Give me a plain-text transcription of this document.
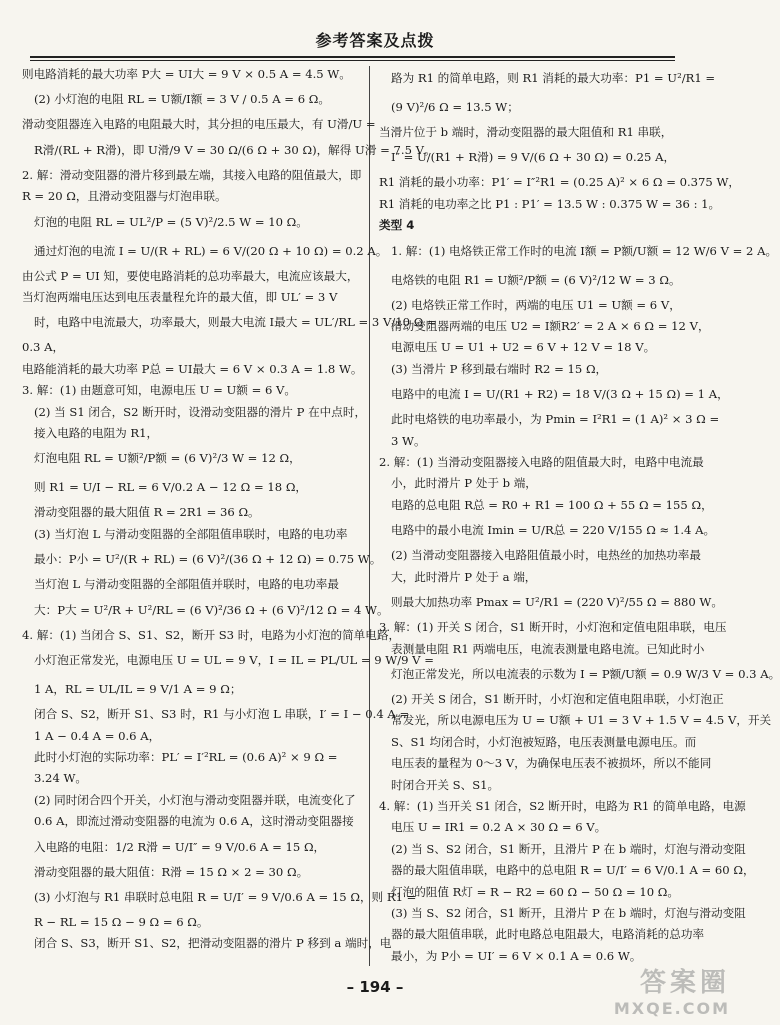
参考答案及点拨
则电路消耗的最大功率 P大 = UI大 = 9 V × 0.5 A = 4.5 W。
(2) 小灯泡的电阻 RL = U额/I额 = 3 V / 0.5 A = 6 Ω。
滑动变阻器连入电路的电阻最大时，其分担的电压最大，有 U滑/U =
R滑/(RL + R滑)，即 U滑/9 V = 30 Ω/(6 Ω + 30 Ω)，解得 U滑 = 7.5 V。
2. 解：滑动变阻器的滑片移到最左端，其接入电路的阻值最大，即
R = 20 Ω，且滑动变阻器与灯泡串联。
灯泡的电阻 RL = UL²/P = (5 V)²/2.5 W = 10 Ω。
通过灯泡的电流 I = U/(R + RL) = 6 V/(20 Ω + 10 Ω) = 0.2 A。
由公式 P = UI 知，要使电路消耗的总功率最大，电流应该最大，
当灯泡两端电压达到电压表量程允许的最大值，即 UL′ = 3 V
时，电路中电流最大，功率最大，则最大电流 I最大 = UL′/RL = 3 V/10 Ω =
0.3 A，
电路能消耗的最大功率 P总 = UI最大 = 6 V × 0.3 A = 1.8 W。
3. 解：(1) 由题意可知，电源电压 U = U额 = 6 V。
(2) 当 S1 闭合，S2 断开时，设滑动变阻器的滑片 P 在中点时，
接入电路的电阻为 R1，
灯泡电阻 RL = U额²/P额 = (6 V)²/3 W = 12 Ω，
则 R1 = U/I − RL = 6 V/0.2 A − 12 Ω = 18 Ω，
滑动变阻器的最大阻值 R = 2R1 = 36 Ω。
(3) 当灯泡 L 与滑动变阻器的全部阻值串联时，电路的电功率
最小：P小 = U²/(R + RL) = (6 V)²/(36 Ω + 12 Ω) = 0.75 W。
当灯泡 L 与滑动变阻器的全部阻值并联时，电路的电功率最
大：P大 = U²/R + U²/RL = (6 V)²/36 Ω + (6 V)²/12 Ω = 4 W。
4. 解：(1) 当闭合 S、S1、S2，断开 S3 时，电路为小灯泡的简单电路，
小灯泡正常发光，电源电压 U = UL = 9 V，I = IL = PL/UL = 9 W/9 V =
1 A，RL = UL/IL = 9 V/1 A = 9 Ω；
闭合 S、S2，断开 S1、S3 时，R1 与小灯泡 L 串联，I′ = I − 0.4 A =
1 A − 0.4 A = 0.6 A，
此时小灯泡的实际功率：PL′ = I′²RL = (0.6 A)² × 9 Ω =
3.24 W。
(2) 同时闭合四个开关，小灯泡与滑动变阻器并联，电流变化了
0.6 A，即流过滑动变阻器的电流为 0.6 A，这时滑动变阻器接
入电路的电阻：1/2 R滑 = U/I″ = 9 V/0.6 A = 15 Ω，
滑动变阻器的最大阻值：R滑 = 15 Ω × 2 = 30 Ω。
(3) 小灯泡与 R1 串联时总电阻 R = U/I′ = 9 V/0.6 A = 15 Ω，则 R1 =
R − RL = 15 Ω − 9 Ω = 6 Ω。
闭合 S、S3，断开 S1、S2，把滑动变阻器的滑片 P 移到 a 端时，电
路为 R1 的简单电路，则 R1 消耗的最大功率：P1 = U²/R1 =
(9 V)²/6 Ω = 13.5 W；
当滑片位于 b 端时，滑动变阻器的最大阻值和 R1 串联，
I″ = U/(R1 + R滑) = 9 V/(6 Ω + 30 Ω) = 0.25 A，
R1 消耗的最小功率：P1′ = I″²R1 = (0.25 A)² × 6 Ω = 0.375 W，
R1 消耗的电功率之比 P1 : P1′ = 13.5 W : 0.375 W = 36 : 1。
类型 4
1. 解：(1) 电烙铁正常工作时的电流 I额 = P额/U额 = 12 W/6 V = 2 A。
电烙铁的电阻 R1 = U额²/P额 = (6 V)²/12 W = 3 Ω。
(2) 电烙铁正常工作时，两端的电压 U1 = U额 = 6 V，
滑动变阻器两端的电压 U2 = I额R2′ = 2 A × 6 Ω = 12 V，
电源电压 U = U1 + U2 = 6 V + 12 V = 18 V。
(3) 当滑片 P 移到最右端时 R2 = 15 Ω，
电路中的电流 I = U/(R1 + R2) = 18 V/(3 Ω + 15 Ω) = 1 A，
此时电烙铁的电功率最小，为 Pmin = I²R1 = (1 A)² × 3 Ω =
3 W。
2. 解：(1) 当滑动变阻器接入电路的阻值最大时，电路中电流最
小，此时滑片 P 处于 b 端，
电路的总电阻 R总 = R0 + R1 = 100 Ω + 55 Ω = 155 Ω，
电路中的最小电流 Imin = U/R总 = 220 V/155 Ω ≈ 1.4 A。
(2) 当滑动变阻器接入电路阻值最小时，电热丝的加热功率最
大，此时滑片 P 处于 a 端，
则最大加热功率 Pmax = U²/R1 = (220 V)²/55 Ω = 880 W。
3. 解：(1) 开关 S 闭合，S1 断开时，小灯泡和定值电阻串联，电压
表测量电阻 R1 两端电压，电流表测量电路电流。已知此时小
灯泡正常发光，所以电流表的示数为 I = P额/U额 = 0.9 W/3 V = 0.3 A。
(2) 开关 S 闭合，S1 断开时，小灯泡和定值电阻串联，小灯泡正
常发光，所以电源电压为 U = U额 + U1 = 3 V + 1.5 V = 4.5 V，开关
S、S1 均闭合时，小灯泡被短路，电压表测量电源电压。而
电压表的量程为 0～3 V，为确保电压表不被损坏，所以不能同
时闭合开关 S、S1。
4. 解：(1) 当开关 S1 闭合，S2 断开时，电路为 R1 的简单电路，电源
电压 U = IR1 = 0.2 A × 30 Ω = 6 V。
(2) 当 S、S2 闭合，S1 断开，且滑片 P 在 b 端时，灯泡与滑动变阻
器的最大阻值串联，电路中的总电阻 R = U/I′ = 6 V/0.1 A = 60 Ω，
灯泡的阻值 R灯 = R − R2 = 60 Ω − 50 Ω = 10 Ω。
(3) 当 S、S2 闭合，S1 断开，且滑片 P 在 b 端时，灯泡与滑动变阻
器的最大阻值串联，此时电路总电阻最大，电路消耗的总功率
最小，为 P小 = UI′ = 6 V × 0.1 A = 0.6 W。
– 194 –	答案圈
MXQE.COM
